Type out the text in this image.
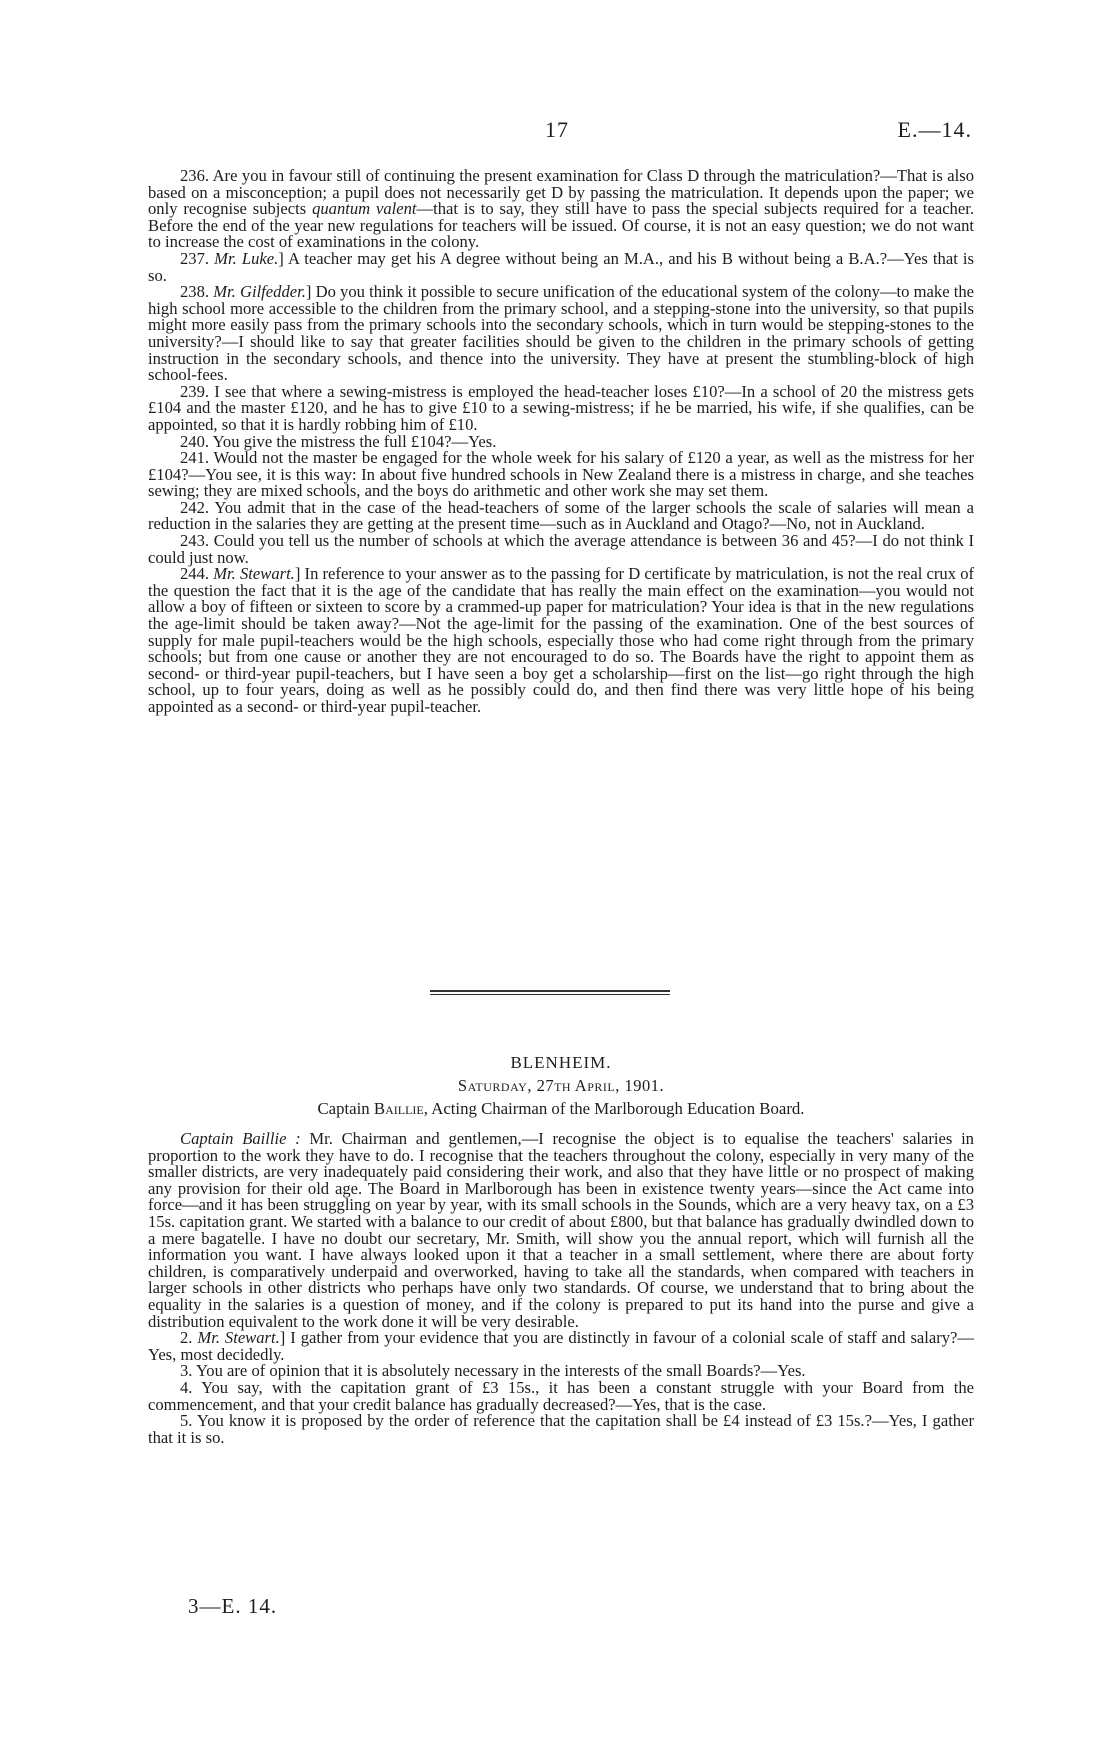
17	E.—14.

236. Are you in favour still of continuing the present examination for Class D through the matriculation?—That is also based on a misconception; a pupil does not necessarily get D by passing the matriculation. It depends upon the paper; we only recognise subjects quantum valent—that is to say, they still have to pass the special subjects required for a teacher. Before the end of the year new regulations for teachers will be issued. Of course, it is not an easy question; we do not want to increase the cost of examinations in the colony.

237. Mr. Luke.] A teacher may get his A degree without being an M.A., and his B without being a B.A.?—Yes that is so.

238. Mr. Gilfedder.] Do you think it possible to secure unification of the educational system of the colony—to make the high school more accessible to the children from the primary school, and a stepping-stone into the university, so that pupils might more easily pass from the primary schools into the secondary schools, which in turn would be stepping-stones to the university?—I should like to say that greater facilities should be given to the children in the primary schools of getting instruction in the secondary schools, and thence into the university. They have at present the stumbling-block of high school-fees.

239. I see that where a sewing-mistress is employed the head-teacher loses £10?—In a school of 20 the mistress gets £104 and the master £120, and he has to give £10 to a sewing-mistress; if he be married, his wife, if she qualifies, can be appointed, so that it is hardly robbing him of £10.

240. You give the mistress the full £104?—Yes.

241. Would not the master be engaged for the whole week for his salary of £120 a year, as well as the mistress for her £104?—You see, it is this way: In about five hundred schools in New Zealand there is a mistress in charge, and she teaches sewing; they are mixed schools, and the boys do arithmetic and other work she may set them.

242. You admit that in the case of the head-teachers of some of the larger schools the scale of salaries will mean a reduction in the salaries they are getting at the present time—such as in Auckland and Otago?—No, not in Auckland.

243. Could you tell us the number of schools at which the average attendance is between 36 and 45?—I do not think I could just now.

244. Mr. Stewart.] In reference to your answer as to the passing for D certificate by matriculation, is not the real crux of the question the fact that it is the age of the candidate that has really the main effect on the examination—you would not allow a boy of fifteen or sixteen to score by a crammed-up paper for matriculation? Your idea is that in the new regulations the age-limit should be taken away?—Not the age-limit for the passing of the examination. One of the best sources of supply for male pupil-teachers would be the high schools, especially those who had come right through from the primary schools; but from one cause or another they are not encouraged to do so. The Boards have the right to appoint them as second- or third-year pupil-teachers, but I have seen a boy get a scholarship—first on the list—go right through the high school, up to four years, doing as well as he possibly could do, and then find there was very little hope of his being appointed as a second- or third-year pupil-teacher.

BLENHEIM.
Saturday, 27th April, 1901.
Captain Baillie, Acting Chairman of the Marlborough Education Board.

Captain Baillie : Mr. Chairman and gentlemen,—I recognise the object is to equalise the teachers' salaries in proportion to the work they have to do. I recognise that the teachers throughout the colony, especially in very many of the smaller districts, are very inadequately paid considering their work, and also that they have little or no prospect of making any provision for their old age. The Board in Marlborough has been in existence twenty years—since the Act came into force—and it has been struggling on year by year, with its small schools in the Sounds, which are a very heavy tax, on a £3 15s. capitation grant. We started with a balance to our credit of about £800, but that balance has gradually dwindled down to a mere bagatelle. I have no doubt our secretary, Mr. Smith, will show you the annual report, which will furnish all the information you want. I have always looked upon it that a teacher in a small settlement, where there are about forty children, is comparatively underpaid and overworked, having to take all the standards, when compared with teachers in larger schools in other districts who perhaps have only two standards. Of course, we understand that to bring about the equality in the salaries is a question of money, and if the colony is prepared to put its hand into the purse and give a distribution equivalent to the work done it will be very desirable.

2. Mr. Stewart.] I gather from your evidence that you are distinctly in favour of a colonial scale of staff and salary?—Yes, most decidedly.

3. You are of opinion that it is absolutely necessary in the interests of the small Boards?—Yes.

4. You say, with the capitation grant of £3 15s., it has been a constant struggle with your Board from the commencement, and that your credit balance has gradually decreased?—Yes, that is the case.

5. You know it is proposed by the order of reference that the capitation shall be £4 instead of £3 15s.?—Yes, I gather that it is so.

3—E. 14.
